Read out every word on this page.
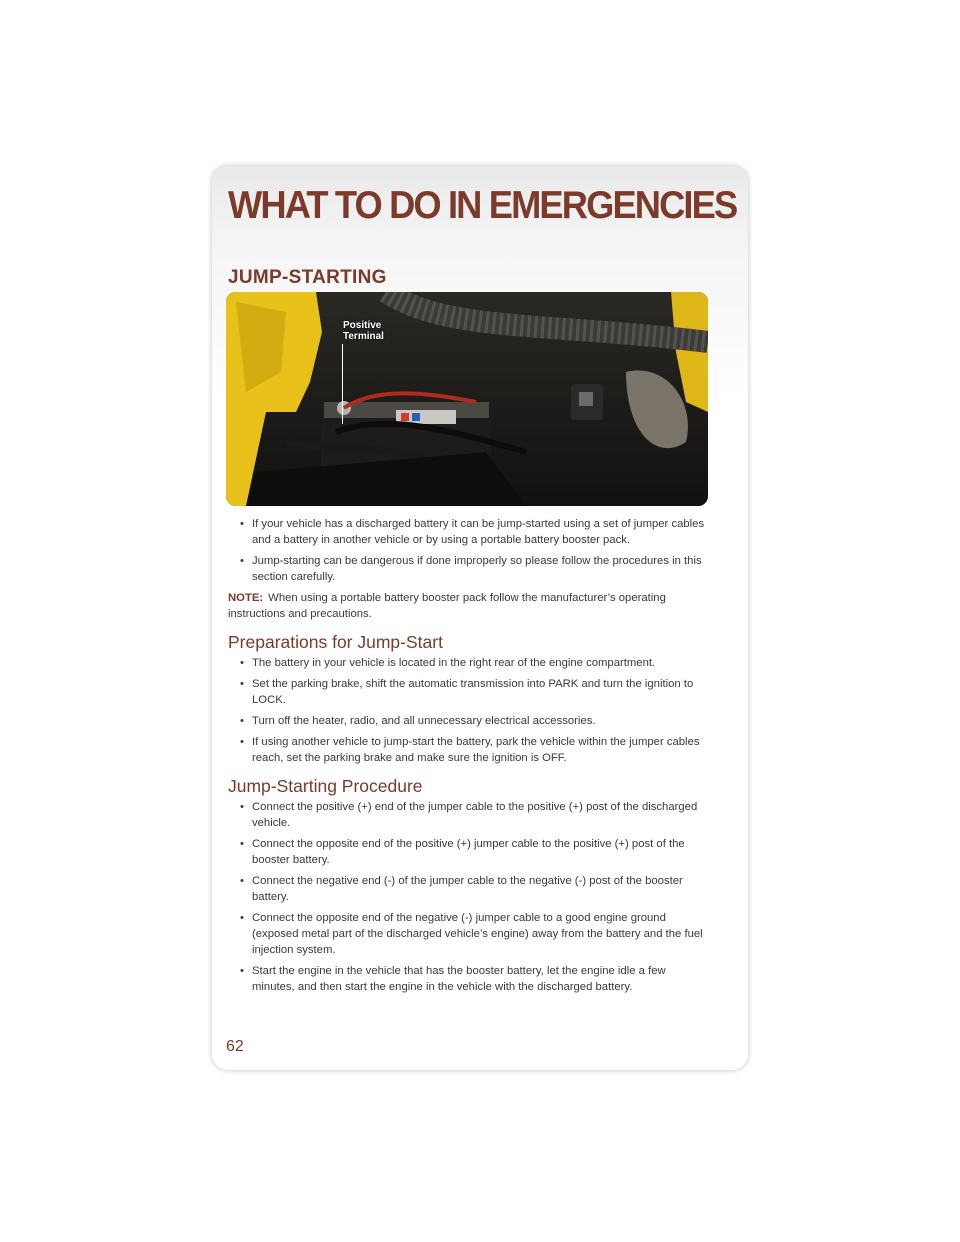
WHAT TO DO IN EMERGENCIES
JUMP-STARTING
Positive
Terminal
• If your vehicle has a discharged battery it can be jump-started using a set of jumper cables and a battery in another vehicle or by using a portable battery booster pack.
• Jump-starting can be dangerous if done improperly so please follow the procedures in this section carefully.

NOTE: When using a portable battery booster pack follow the manufacturer’s operating instructions and precautions.

Preparations for Jump-Start
• The battery in your vehicle is located in the right rear of the engine compartment.
• Set the parking brake, shift the automatic transmission into PARK and turn the ignition to LOCK.
• Turn off the heater, radio, and all unnecessary electrical accessories.
• If using another vehicle to jump-start the battery, park the vehicle within the jumper cables reach, set the parking brake and make sure the ignition is OFF.
Jump-Starting Procedure
• Connect the positive (+) end of the jumper cable to the positive (+) post of the discharged vehicle.
• Connect the opposite end of the positive (+) jumper cable to the positive (+) post of the booster battery.
• Connect the negative end (-) of the jumper cable to the negative (-) post of the booster battery.
• Connect the opposite end of the negative (-) jumper cable to a good engine ground (exposed metal part of the discharged vehicle’s engine) away from the battery and the fuel injection system.
• Start the engine in the vehicle that has the booster battery, let the engine idle a few minutes, and then start the engine in the vehicle with the discharged battery.

62
